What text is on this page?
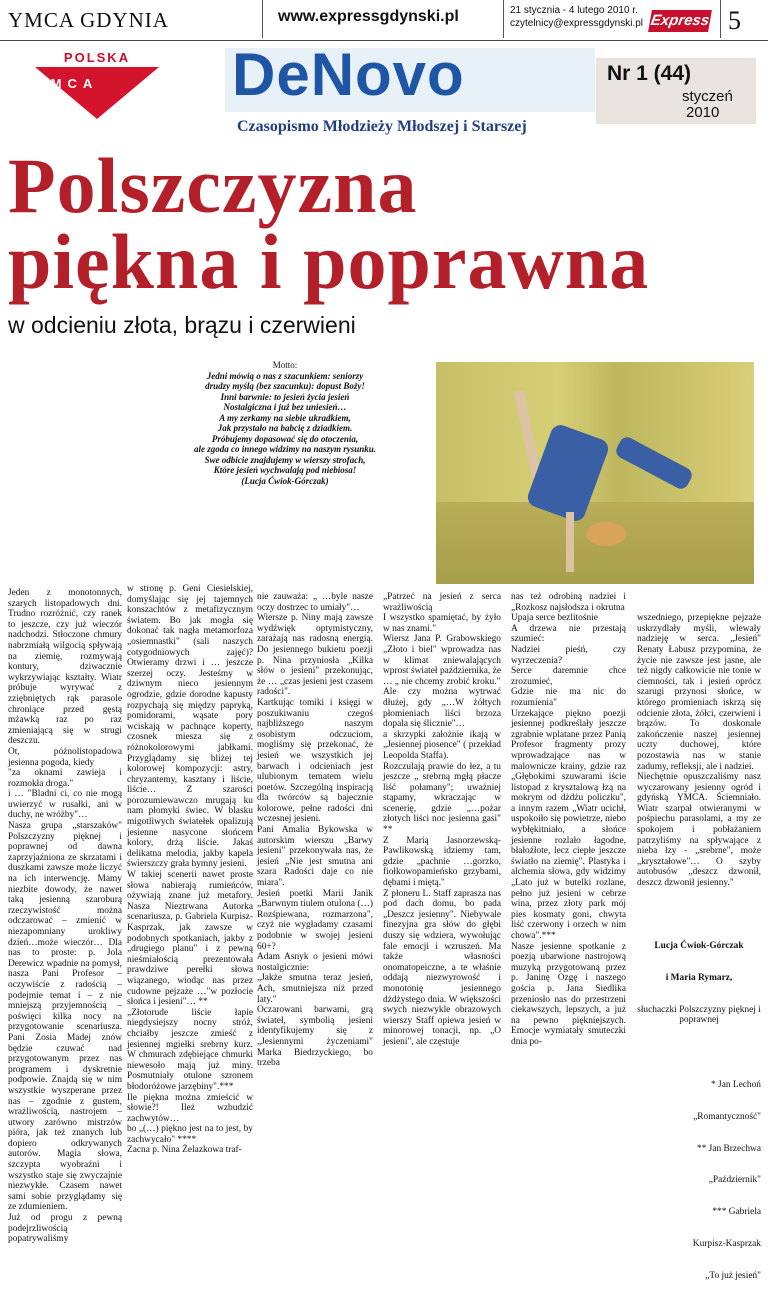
YMCA GDYNIA	www.expressgdynski.pl	21 stycznia - 4 lutego 2010 r.
czytelnicy@expressgdynski.pl Express 5
POLSKA
YMCA DeNovo
Czasopismo Młodzieży Młodszej i Starszej
Nr 1 (44)
styczeń
2010
Polszczyzna
piękna i poprawna
w odcieniu złota, brązu i czerwieni
Motto:
Jedni mówią o nas z szacunkiem: seniorzy
drudzy myślą (bez szacunku): dopust Boży!
Inni barwnie: to jesień życia jesień
Nostalgiczna i już bez uniesień…
A my zerkamy na siebie ukradkiem,
Jak przystało na babcię z dziadkiem.
Próbujemy dopasować się do otoczenia,
ale zgoda co innego widzimy na naszym rysunku.
Swe odbicie znajdujemy w wierszy strofach,
Które jesień wychwalają pod niebiosa!
(Lucja Ćwiok-Górczak)
Jeden z monotonnych, szarych listopadowych dni. Trudno rozróżnić, czy ranek to jeszcze, czy już wieczór nadchodzi. Stłoczone chmury nabrzmiałą wilgocią spływają na ziemię, rozmywają kontury, dziwacznie wykrzywiając kształty. Wiatr próbuje wyrywać z zziębniętych rąk parasole chroniące przed gęstą mżawką raz po raz zmieniającą się w strugi deszczu.
Ot, późnolistopadowa jesienna pogoda, kiedy
"za oknami zawieja i rozmokła droga."
i … "Bladni ci, co nie mogą uwierzyć w rusałki, ani w duchy, ne wróżby"…
Nasza grupa „starszaków" Polszczyzny pięknej i poprawnej od dawna zaprzyjaźniona ze skrzatami i duszkami zawsze może liczyć na ich interwencję. Mamy niezbite dowody, że nawet taką jesienną szaroburą rzeczywistość można odczarować – zmienić w niezapomniany urokliwy dzień…może wieczór… Dla nas to proste: p. Jola Derewicz wpadnie na pomysł, nasza Pani Profesor – oczywiście z radością – podejmie temat i – z nie mniejszą przyjemnością – poświęci kilka nocy na przygotowanie scenariusza. Pani Zosia Madej znów będzie czuwać nad przygotowanym przez nas programem i dyskretnie podpowie. Znajdą się w nim wszystkie wyszperane przez nas – zgodnie z gustem, wrażliwością, nastrojem – utwory zarówno mistrzów pióra, jak też znanych lub dopiero odkrywanych autorów. Magia słowa, szczypta wyobraźni i wszystko staje się zwyczajnie niezwykłe. Czasem nawet sami sobie przyglądamy się ze zdumieniem.
Już od progu z pewną podejrzliwością popatrywaliśmy
w stronę p. Geni Ciesielskiej, domyślając się jej tajemnych konszachtów z metafizycznym światem. Bo jak mogła się dokonać tak nagła metamorfoza „osiemnastki" (sali naszych cotygodniowych zajęć)? Otwieramy drzwi i … jeszcze szerzej oczy. Jesteśmy w dziwnym nieco jesiennym ogrodzie, gdzie dorodne kapusty rozpychają się między papryką, pomidorami, wąsate pory wciskają w pachnące koperty, czosnek miesza się z różnokolorowymi jabłkami. Przyglądamy się bliżej tej kolorowej kompozycji: astry, chryzantemy, kasztany i liście, liście… Z szarości porozumiewawczo mrugają ku nam płomyki świec. W blasku migotliwych światełek opalizują jesienne nasycone słońcem kolory, drżą liście. Jakaś delikatna melodia, jakby kapela świerszczy grała hymny jesieni.
W takiej scenerii nawet proste słowa nabierają rumieńców, ożywiają znane już metafory. Nasza Nieztrwana Autorka scenariusza, p. Gabriela Kurpisz-Kasprzak, jak zawsze w podobnych spotkaniach, jakby z „drugiego planu" i z pewną nieśmiałością prezentowała prawdziwe perełki słowa wiązanego, wiodąc nas przez cudowne pejzaże …"w pozłocie słońca i jesieni"… **
„Złotorude liście łapie niegdysiejszy nocny stróż, chciałby jeszcze zmieść z jesiennej mgiełki srebrny kurz. W chmurach zdębiejące chmurki niewesoło mają już miny. Posmutniały otulone szronem błodoróżowe jarzębiny".***
Ile piękna można zmieścić w słowie?! Ileż wzbudzić zachwytów…
bo „(…) piękno jest na to jest, by zachwycało" ****
Zacna p. Nina Żelazkowa traf-
nie zauważa: „ …byle nasze oczy dostrzec to umiały"…
Wiersze p. Niny mają zawsze wydźwięk optymistyczny, zarażają nas radosną energią. Do jesiennego bukietu poezji p. Nina przyniosła „Kilka słów o jesieni" przekonując, że … „czas jesieni jest czasem radości".
Kartkując tomiki i księgi w poszukiwaniu czegoś najbliższego naszym osobistym odczuciom, mogliśmy się przekonać, że jesień we wszystkich jej barwach i odcieniach jest ulubionym tematem wielu poetów. Szczególną inspiracją dla twórców są bajecznie kolorowe, pełne radości dni wczesnej jesieni.
Pani Amalia Bykowska w autorskim wierszu „Barwy jesieni" przekonywała nas, że jesień „Nie jest smutna ani szara Radości daje co nie miara".
Jesień poetki Marii Janik „Barwnym tiulem otulona (…) Rozśpiewana, rozmarzona", czyż nie wygładamy czasami podobnie w swojej jesieni 60+?
Adam Asnyk o jesieni mówi nostalgicznie:
„Jakże smutna teraz jesień, Ach, smutniejsza niż przed laty."
Oczarowani barwami, grą świateł, symbolią jesieni identyfikujemy się z „Jesiennymi życzeniami" Marka Biedrzyckiego, bo trzeba
„Patrzeć na jesień z serca wrażliwością
I wszystko spamiętać, by żyło w nas znami."
Wiersz Jana P. Grabowskiego „Złoto i biel" wprowadza nas w klimat zniewalających wprost świateł października, że … „ nie chcemy zrobić kroku."
Ale czy można wytrwać dłużej, gdy „…W żółtych płomieniach liści brzoza dopala się ślicznie"…
a skrzypki założnie ikają w „Jesiennej piosence" ( przekład Leopolda Staffa).
Rozczulają prawie do łez, a tu jeszcze „ srebrną mgłą płacze liść połamany"; uważniej stąpamy, wkraczając w scenerię, gdzie „…pożar złotych liści noc jesienna gasi" **
Z Marią Jasnorzewską-Pawlikowską idziemy tam, gdzie „pachnie …gorzko, fiołkowopamieńsko grzybami, dębami i miętą."
Z płoneru L. Staff zaprasza nas pod dach domu, bo pada „Deszcz jesienny". Niebywale finezyjna gra słów do głębi duszy się wdziera, wywołując fale emocji i wzruszeń. Ma także własności onomatopeiczne, a te właśnie oddają niezwyrowość i monotonię jesiennego dżdżystego dnia. W większości swych niezwykle obrazowych wierszy Staff opiewa jesień w minorowej tonacji, np. „O jesieni", ale częstuje
nas też odrobiną nadziei i „Rozkosz najsłodsza i okrutna
Upaja serce bezlitośnie
A drzewa nie przestają szumieć:
Nadziei pieśń, czy wyrzeczenia?
Serce daremnie chce zrozumieć,
Gdzie nie ma nic do rozumienia"
Urzekające piękno poezji jesiennej podkreślały jeszcze zgrabnie wplatane przez Panią Profesor fragmenty prozy wprowadzające nas w malownicze krainy, gdzie raz „Głębokimi szuwarami iście listopad z krysztalową łzą na mokrym od dżdżu policzku", a innym razem „Wiatr ucichł, uspokoiło się powietrze, niebo wybłękitniało, a słońce jesienne rozlało łagodne, błałoźłote, lecz ciepłe jeszcze światło na ziemię". Plastyka i alchemia słowa, gdy widzimy „Lato już w butelki rozlane, pełno już jesieni w cebrze wina, przez złoty park mój pies kosmaty goni, chwyta liść czerwony i orzech w nim chowa".***
Nasze jesienne spotkanie z poezją ubarwione nastrojową muzyką przygotowaną przez p. Janinę Ozgę i naszego gościa p. Jana Siedlika przeniosło nas do przestrzeni ciekawszych, lepszych, a już na pewno piękniejszych. Emocje wymiatały smuteczki dnia po-

wszedniego, przepiękne pejzaże uskrzydlały myśli, wlewały nadzieję w serca. „Jesień" Renaty Łabusz przypomina, że życie nie zawsze jest jasne, ale też nigdy całkowicie nie tonie w ciemności, tak i jesień oprócz szarugi przynosi słońce, w którego promieniach iskrzą się odcienie złota, żółci, czerwieni i brązów. To doskonale zakończenie naszej jesiennej uczty duchowej, które pozostawia nas w stanie zadumy, refleksji, ale i nadziei.
Niechętnie opuszczaliśmy nasz wyczarowany jesienny ogród i gdyńską YMCA. Ściemniało. Wiatr szarpał otwieranymi w pośpiechu parasolami, a my ze spokojem i pobłażaniem patrzyliśmy na spływające z nieba łzy - „srebrne", może „kryształowe"… O szyby autobusów „deszcz dzwonił, deszcz dzwonił jesienny."

Lucja Ćwiok-Górczak

i Maria Rymarz,

słuchaczki Polszczyzny pięknej i poprawnej

* Jan Lechoń

„Romantyczność"

** Jan Brzechwa

„Październik"

*** Gabriela

Kurpisz-Kasprzak

„To już jesień"
